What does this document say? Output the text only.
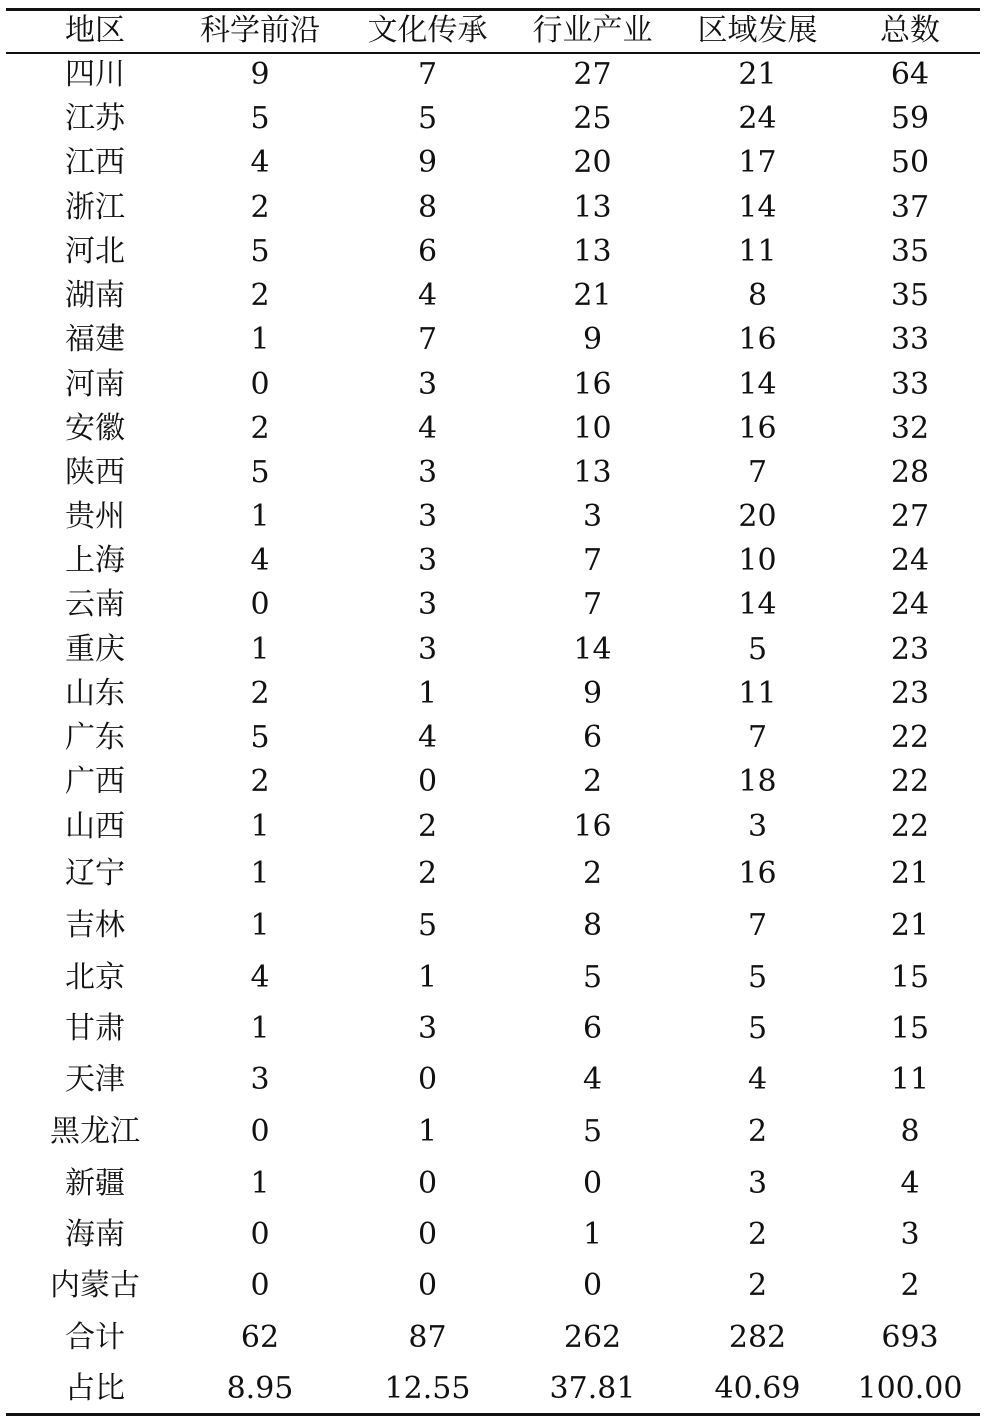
地区	科学前沿	文化传承	行业产业	区域发展	总数
四川	9	7	27	21	64
江苏	5	5	25	24	59
江西	4	9	20	17	50
浙江	2	8	13	14	37
河北	5	6	13	11	35
湖南	2	4	21	8	35
福建	1	7	9	16	33
河南	0	3	16	14	33
安徽	2	4	10	16	32
陕西	5	3	13	7	28
贵州	1	3	3	20	27
上海	4	3	7	10	24
云南	0	3	7	14	24
重庆	1	3	14	5	23
山东	2	1	9	11	23
广东	5	4	6	7	22
广西	2	0	2	18	22
山西	1	2	16	3	22
辽宁	1	2	2	16	21
吉林	1	5	8	7	21
北京	4	1	5	5	15
甘肃	1	3	6	5	15
天津	3	0	4	4	11
黑龙江	0	1	5	2	8
新疆	1	0	0	3	4
海南	0	0	1	2	3
内蒙古	0	0	0	2	2
合计	62	87	262	282	693
占比	8.95	12.55	37.81	40.69	100.00
